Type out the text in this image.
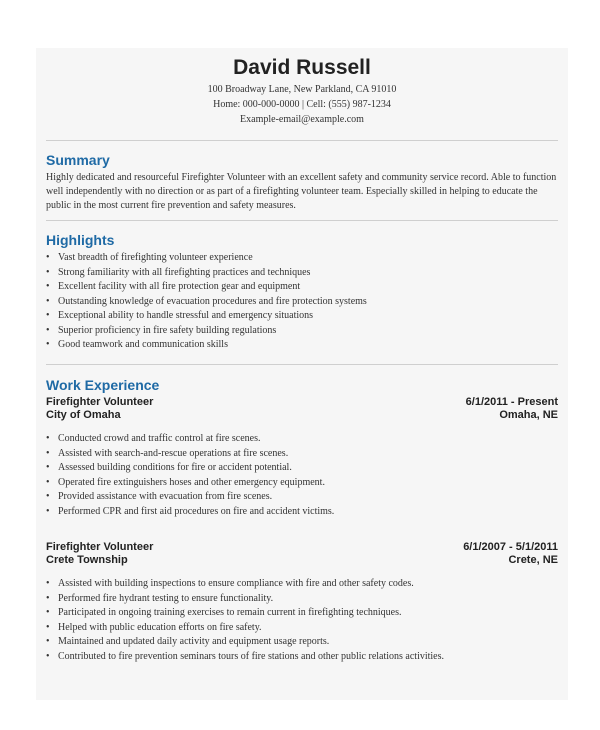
David Russell
100 Broadway Lane, New Parkland, CA 91010
Home: 000-000-0000 | Cell: (555) 987-1234
Example-email@example.com
Summary
Highly dedicated and resourceful Firefighter Volunteer with an excellent safety and community service record. Able to function well independently with no direction or as part of a firefighting volunteer team. Especially skilled in helping to educate the public in the most current fire prevention and safety measures.
Highlights
• Vast breadth of firefighting volunteer experience
• Strong familiarity with all firefighting practices and techniques
• Excellent facility with all fire protection gear and equipment
• Outstanding knowledge of evacuation procedures and fire protection systems
• Exceptional ability to handle stressful and emergency situations
• Superior proficiency in fire safety building regulations
• Good teamwork and communication skills
Work Experience
Firefighter Volunteer
City of Omaha
6/1/2011 - Present
Omaha, NE
• Conducted crowd and traffic control at fire scenes.
• Assisted with search-and-rescue operations at fire scenes.
• Assessed building conditions for fire or accident potential.
• Operated fire extinguishers hoses and other emergency equipment.
• Provided assistance with evacuation from fire scenes.
• Performed CPR and first aid procedures on fire and accident victims.
Firefighter Volunteer
Crete Township
6/1/2007 - 5/1/2011
Crete, NE
• Assisted with building inspections to ensure compliance with fire and other safety codes.
• Performed fire hydrant testing to ensure functionality.
• Participated in ongoing training exercises to remain current in firefighting techniques.
• Helped with public education efforts on fire safety.
• Maintained and updated daily activity and equipment usage reports.
• Contributed to fire prevention seminars tours of fire stations and other public relations activities.
